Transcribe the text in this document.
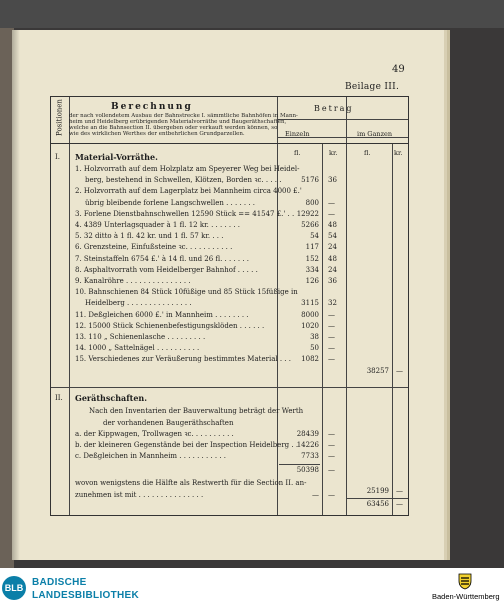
49
Beilage III.
Positionen	Berechnung
der nach vollendetem Ausbau der Bahnstrecke I. sämmtliche Bahnhöfen in Mann-
heim und Heidelberg erübrigenden Materialvorräthe und Baugeräthschaften,
welche an die Bahnsection II. übergeben oder verkauft werden können, so
wie des wirklichen Werthes der entbehrlichen Grundparzellen.
Betrag
Einzeln	im Ganzen
fl.	kr.	fl.	kr.
I. Material-Vorräthe.
1. Holzvorrath auf dem Holzplatz am Speyerer Weg bei Heidel-
berg, bestehend in Schwellen, Klötzen, Borden ꝛc. . . . .	5176 36
2. Holzvorrath auf dem Lagerplatz bei Mannheim circa 4000 £.'
übrig bleibende forlene Langschwellen . . . . . . .	800 —
3. Forlene Dienstbahnschwellen 12590 Stück == 41547 £.' . . 12922 —
4. 4389 Unterlagsquader à 1 fl. 12 kr. . . . . . . .	5266 48
5. 32 ditto à 1 fl. 42 kr. und 1 fl. 57 kr. . . .	54 54
6. Grenzsteine, Einfußsteine ꝛc. . . . . . . . . . .	117 24
7. Steinstaffeln 6754 £.' à 14 fl. und 26 fl. . . . . . .	152 48
8. Asphaltvorrath vom Heidelberger Bahnhof . . . . .	334 24
9. Kanalröhre . . . . . . . . . . . . . . .	126 36
10. Bahnschienen 84 Stück 10füßige und 85 Stück 15füßige in
Heidelberg . . . . . . . . . . . . . . .	3115 32
11. Deßgleichen 6000 £.' in Mannheim . . . . . . . .	8000 —
12. 15000 Stück Schienenbefestigungsklöden . . . . . .	1020 —
13. 110 „ Schienenlasche . . . . . . . . .	38 —
14. 1000 „ Sattelnägel . . . . . . . . . .	50 —
15. Verschiedenes zur Veräußerung bestimmtes Material . . .	1082 —
38257 —
II. Geräthschaften.
Nach den Inventarien der Bauverwaltung beträgt der Werth
der vorhandenen Baugeräthschaften
a. der Kippwagen, Trollwagen ꝛc. . . . . . . . . .	28439 —
b. der kleineren Gegenstände bei der Inspection Heidelberg . .
14226 —
c. Deßgleichen in Mannheim . . . . . . . . . . .	7733 —
50398 —
wovon wenigstens die Hälfte als Restwerth für die Section II. an-
zunehmen ist mit . . . . . . . . . . . . . . .	— —	25199 —
63456 —
BLB BADISCHE
LANDESBIBLIOTHEK	Baden-Württemberg
